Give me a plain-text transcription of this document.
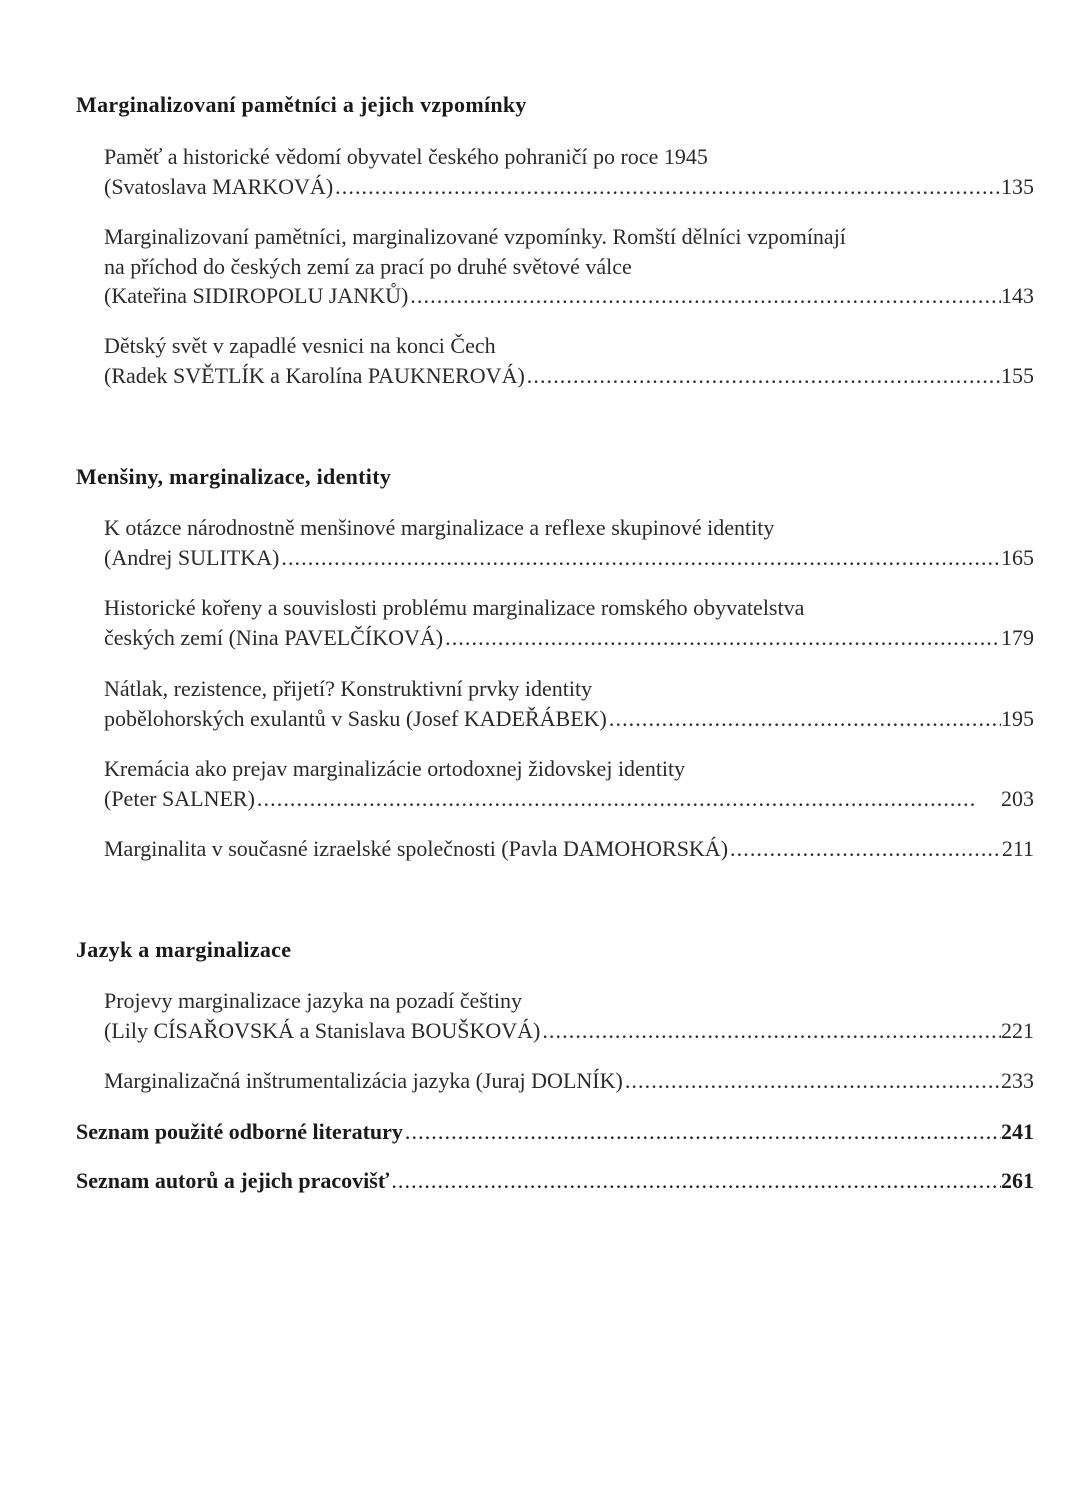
Marginalizovaní pamětníci a jejich vzpomínky
Paměť a historické vědomí obyvatel českého pohraničí po roce 1945
(Svatoslava MARKOVÁ) . . .	135
Marginalizovaní pamětníci, marginalizované vzpomínky. Romští dělníci vzpomínají
na příchod do českých zemí za prací po druhé světové válce
(Kateřina SIDIROPOLU JANKŮ) . . .	143
Dětský svět v zapadlé vesnici na konci Čech
(Radek SVĚTLÍK a Karolína PAUKNEROVÁ) . . .	155
Menšiny, marginalizace, identity
K otázce národnostně menšinové marginalizace a reflexe skupinové identity
(Andrej SULITKA) . . .	165
Historické kořeny a souvislosti problému marginalizace romského obyvatelstva
českých zemí (Nina PAVELČÍKOVÁ) . . .	179
Nátlak, rezistence, přijetí? Konstruktivní prvky identity
pobělohorských exulantů v Sasku (Josef KADEŘÁBEK) . . .	195
Kremácia ako prejav marginalizácie ortodoxnej židovskej identity
(Peter SALNER) . . .	203
Marginalita v současné izraelské společnosti (Pavla DAMOHORSKÁ) . . .	211
Jazyk a marginalizace
Projevy marginalizace jazyka na pozadí češtiny
(Lily CÍSAŘOVSKÁ a Stanislava BOUŠKOVÁ) . . .	221
Marginalizačná inštrumentalizácia jazyka (Juraj DOLNÍK) . . .	233
Seznam použité odborné literatury . . .	241
Seznam autorů a jejich pracovišť . . .	261
